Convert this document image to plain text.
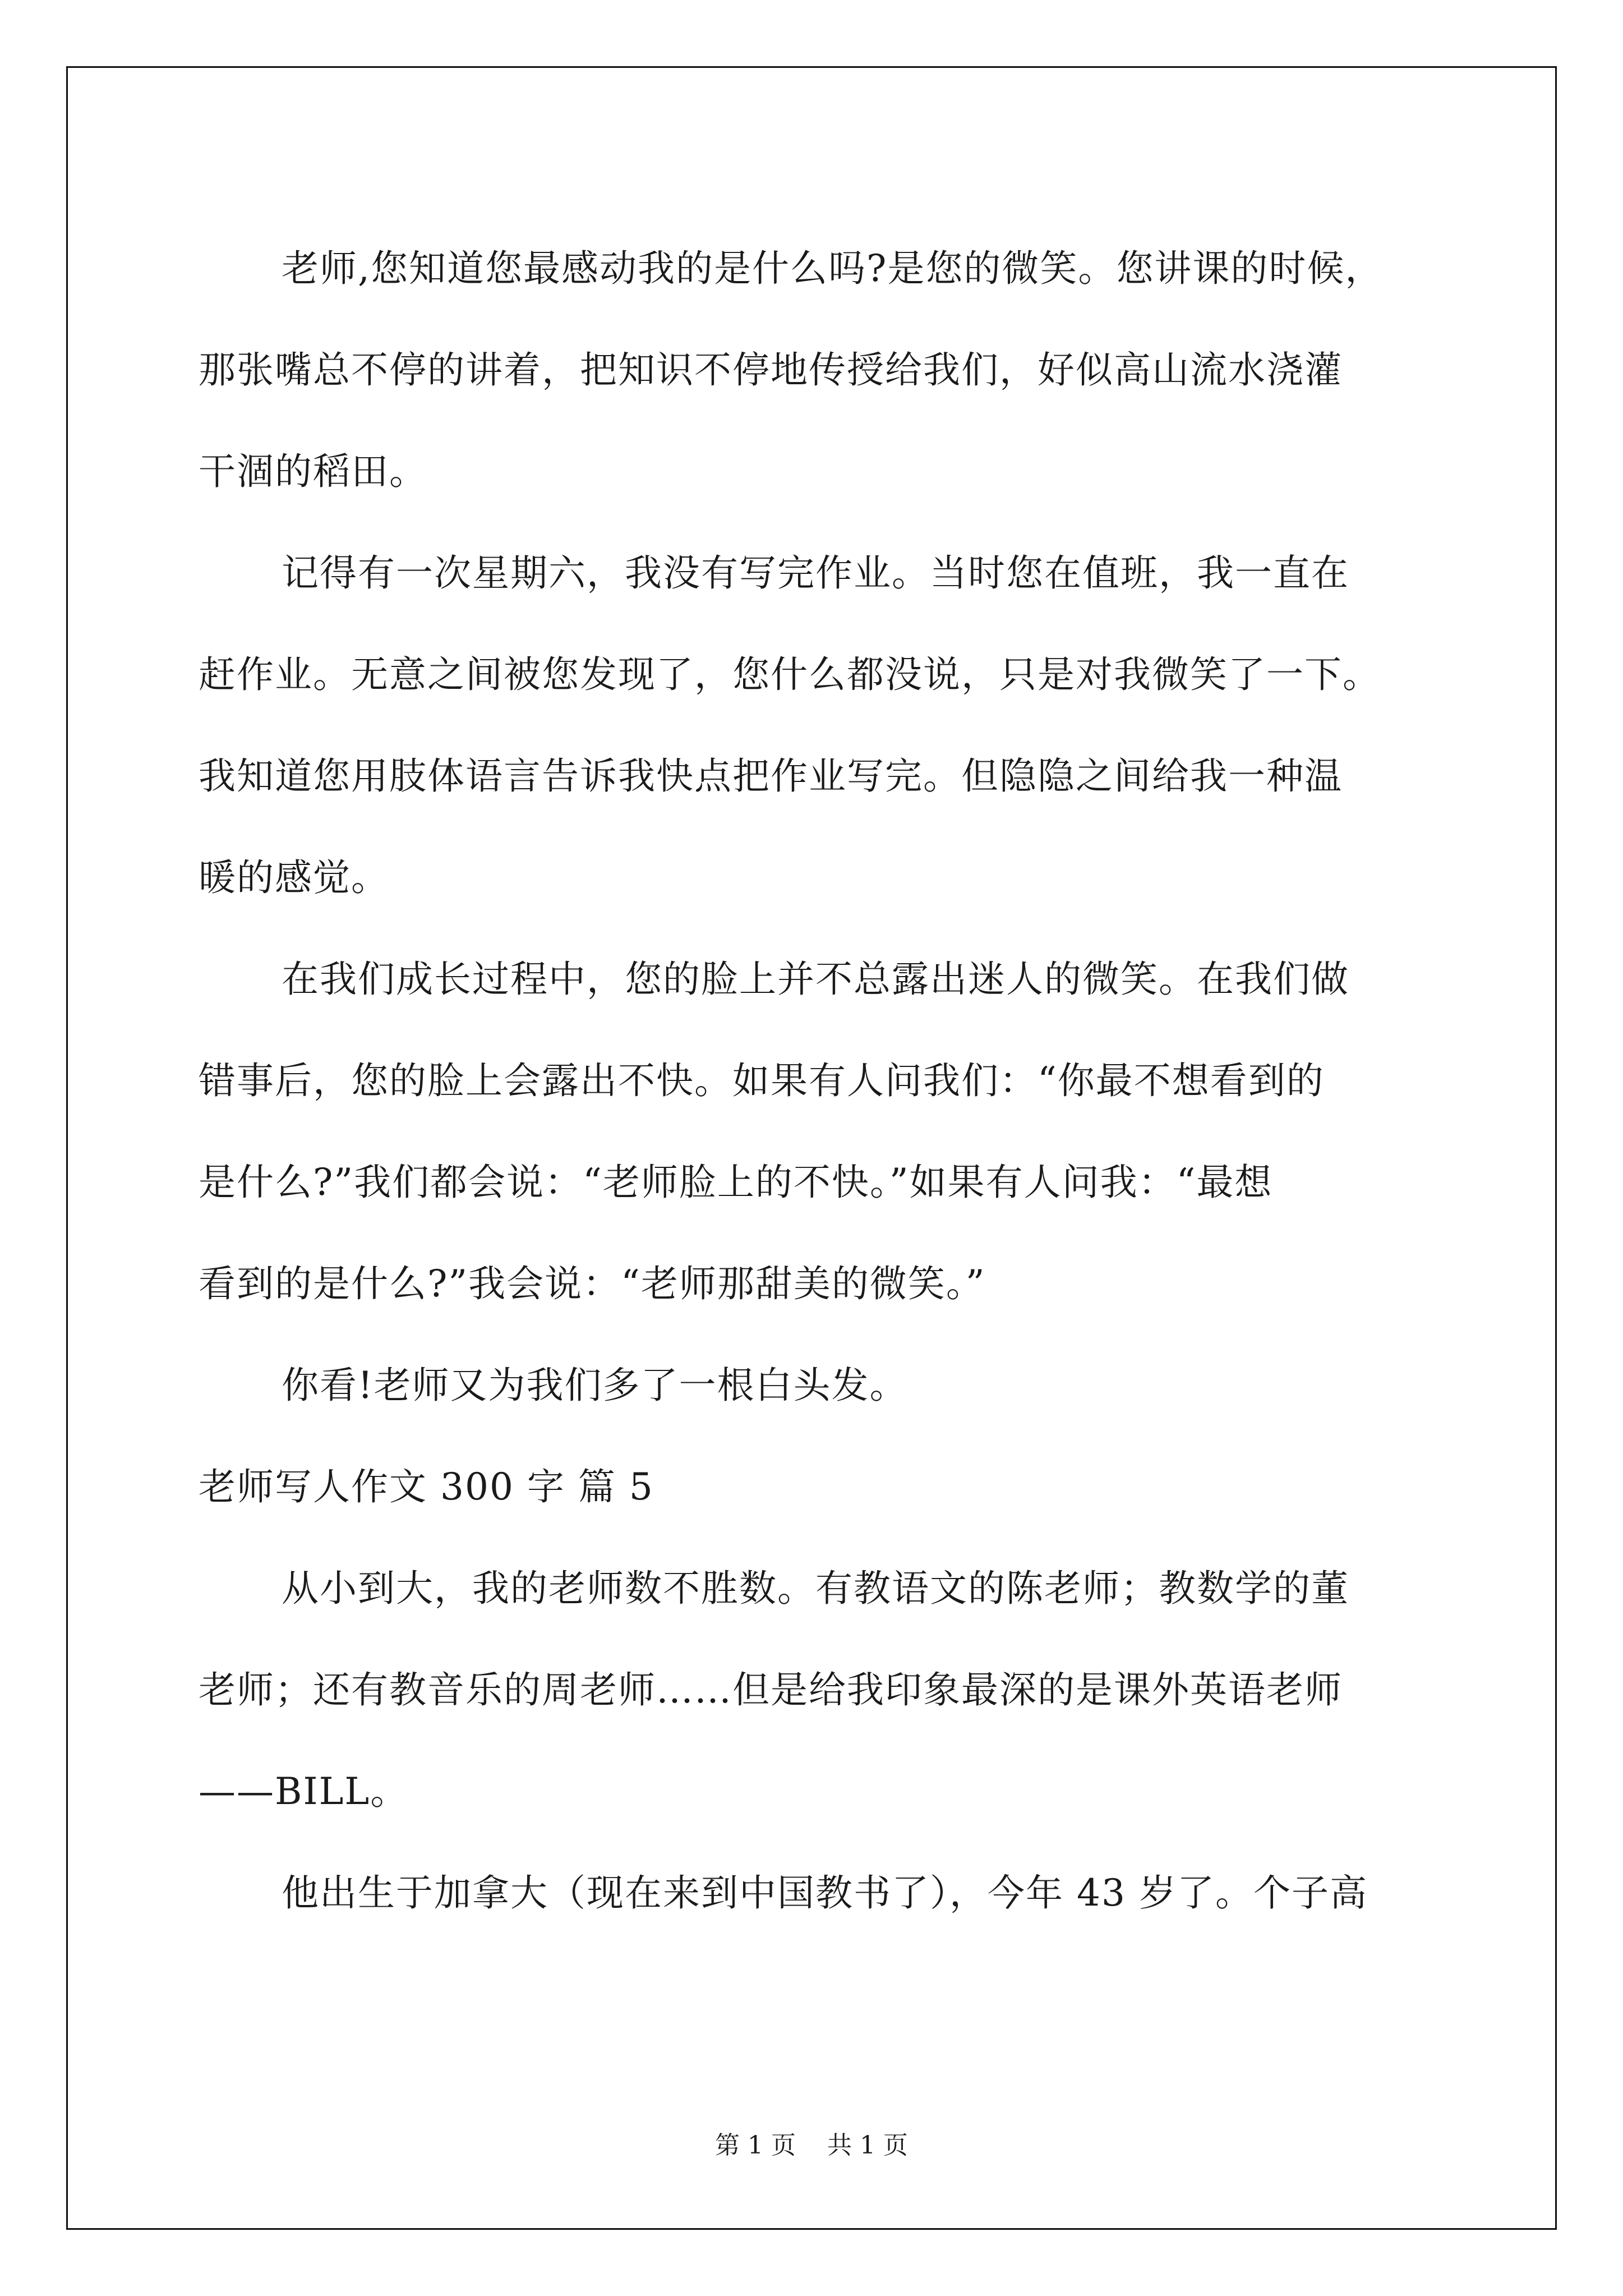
老师,您知道您最感动我的是什么吗?是您的微笑。您讲课的时候，
那张嘴总不停的讲着，把知识不停地传授给我们，好似高山流水浇灌
干涸的稻田。
记得有一次星期六，我没有写完作业。当时您在值班，我一直在
赶作业。无意之间被您发现了，您什么都没说，只是对我微笑了一下。
我知道您用肢体语言告诉我快点把作业写完。但隐隐之间给我一种温
暖的感觉。
在我们成长过程中，您的脸上并不总露出迷人的微笑。在我们做
错事后，您的脸上会露出不快。如果有人问我们：“你最不想看到的
是什么?”我们都会说：“老师脸上的不快。”如果有人问我：“最想
看到的是什么?”我会说：“老师那甜美的微笑。”
你看!老师又为我们多了一根白头发。
老师写人作文 300 字 篇 5
从小到大，我的老师数不胜数。有教语文的陈老师；教数学的董
老师；还有教音乐的周老师……但是给我印象最深的是课外英语老师
——BILL。
他出生于加拿大（现在来到中国教书了），今年 43 岁了。个子高
第 1 页    共 1 页
